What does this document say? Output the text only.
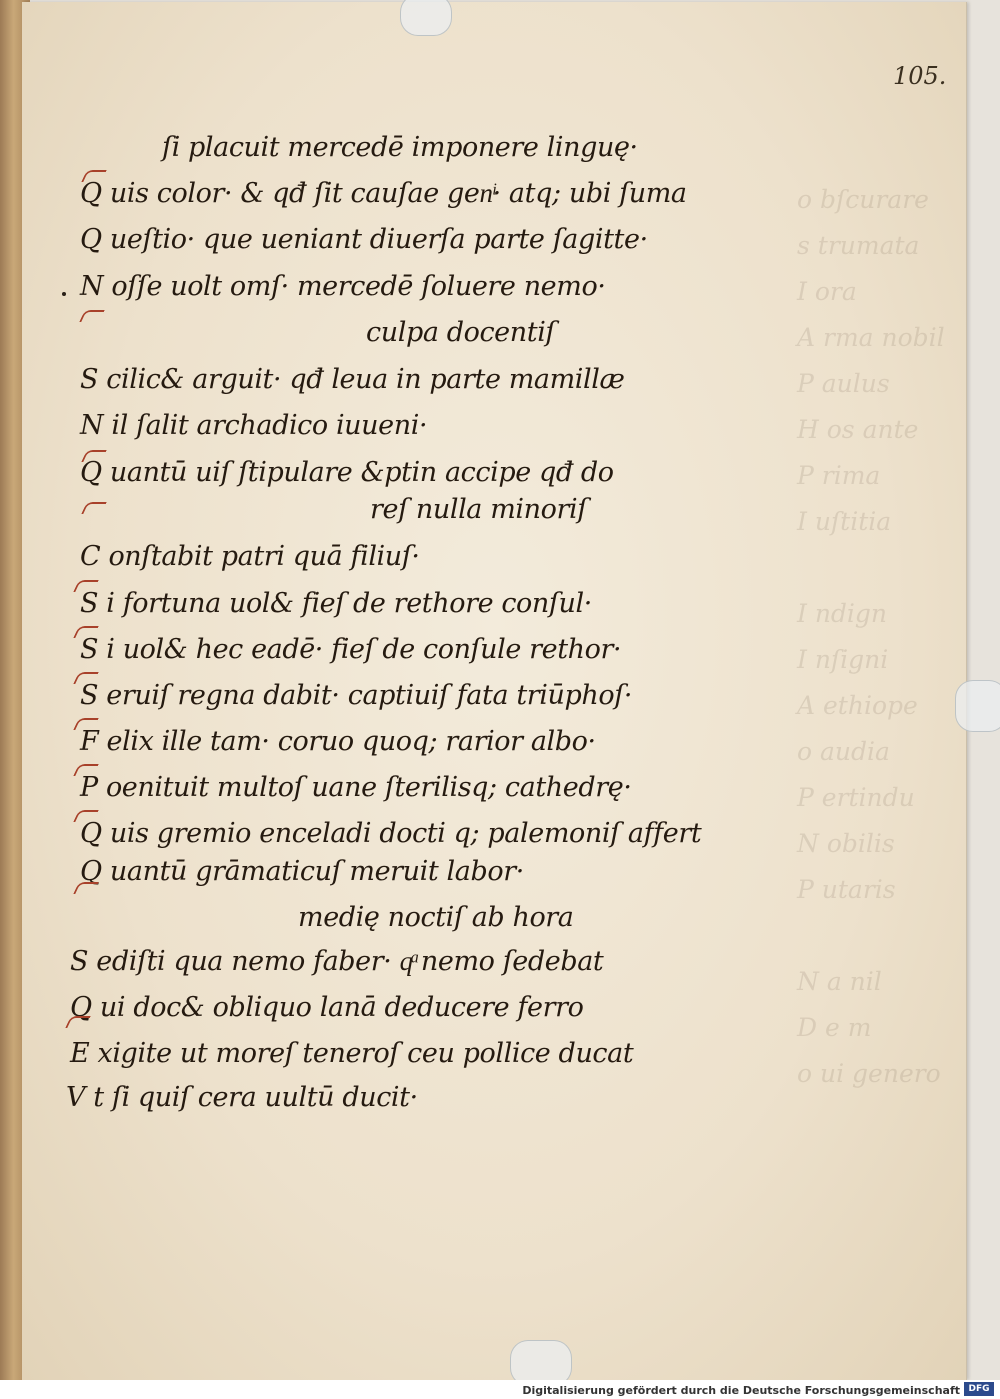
o bſcurare
s trumata
I ora
A rma nobil
P aulus
H os ante
P rima
I uſtitia

I ndign
I nſigni
A ethiope
o audia
P ertindu
N obilis
P utaris

N a nil
D e m
o ui genero
105.
ſi placuit mercedē imponere linguę·
Q uis color· & qđ ſit cauſae genͥ· atq; ubi ſuma
Q ueſtio· que ueniant diuerſa parte ſagitte·
N oſſe uolt omſ· mercedē ſoluere nemo·
culpa docentiſ
S cilic& arguit· qđ leua in parte mamillæ
N il ſalit archadico iuueni·
Q uantū uiſ ſtipulare &ptin accipe qđ do
reſ nulla minoriſ
C onſtabit patri quā filiuſ·
S i fortuna uol& fieſ de rethore conſul·
S i uol& hec eadē· fieſ de conſule rethor·
S eruiſ regna dabit· captiuiſ fata triūphoſ·
F elix ille tam· coruo quoq; rarior albo·
P oenituit multoſ uane ſterilisq; cathedrę·
Q uis gremio enceladi docti q; palemoniſ affert
Q uantū grāmaticuſ meruit labor·
medię noctiſ ab hora
S ediſti qua nemo faber· qͣ nemo ſedebat
Q ui doc& obliquo lanā deducere ferro
E xigite ut moreſ teneroſ ceu pollice ducat
V t ſi quiſ cera uultū ducit·
Digitalisierung gefördert durch die Deutsche Forschungsgemeinschaft DFG
